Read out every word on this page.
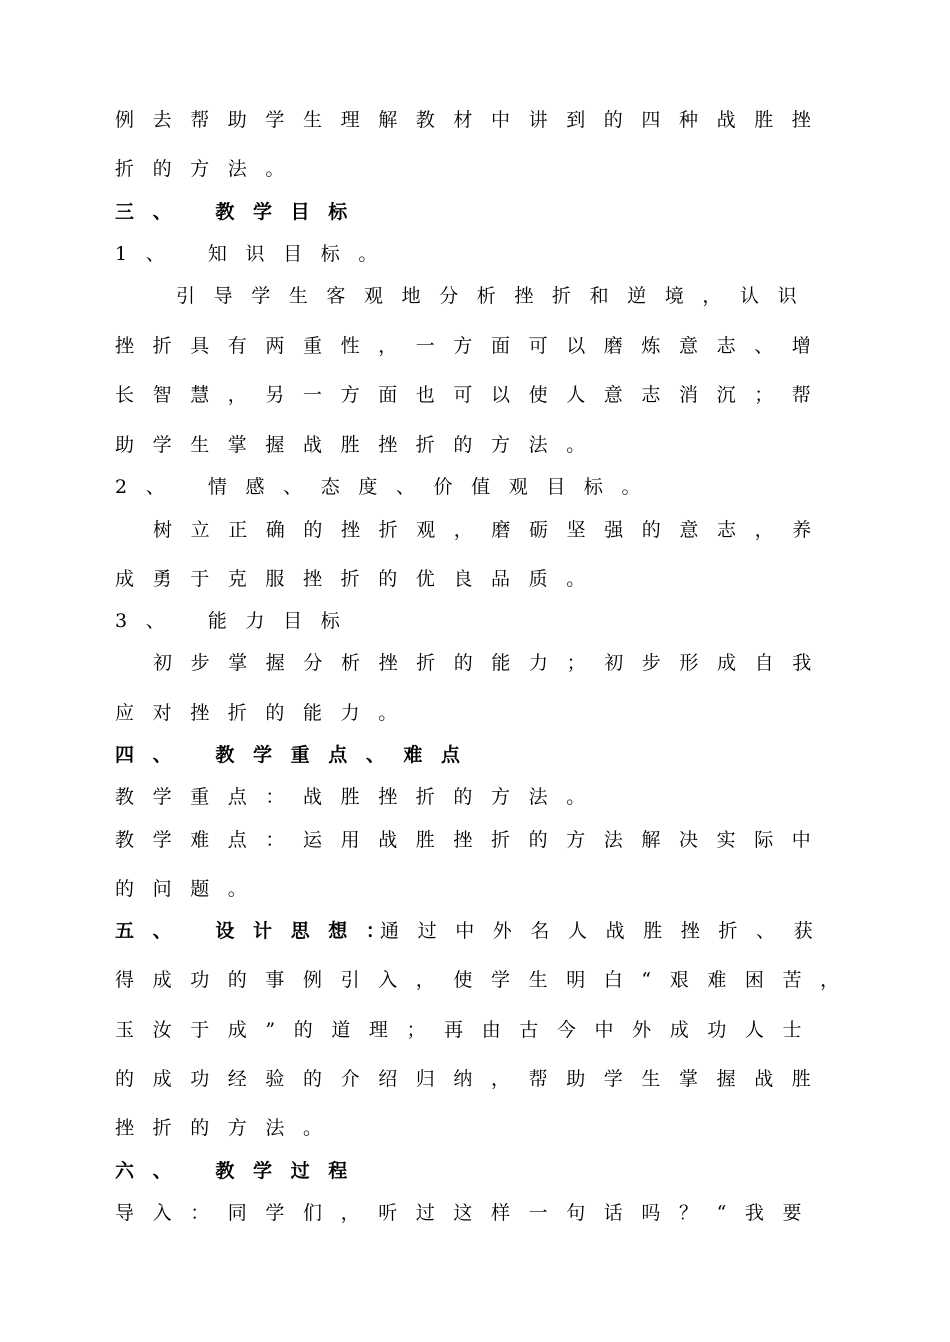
例去帮助学生理解教材中讲到的四种战胜挫
折的方法。
三、 教学目标
1、 知识目标。
引导学生客观地分析挫折和逆境，认识
挫折具有两重性，一方面可以磨炼意志、增
长智慧，另一方面也可以使人意志消沉；帮
助学生掌握战胜挫折的方法。
2、 情感、态度、价值观目标。
树立正确的挫折观，磨砺坚强的意志，养
成勇于克服挫折的优良品质。
3、 能力目标
初步掌握分析挫折的能力；初步形成自我
应对挫折的能力。
四、 教学重点、难点
教学重点：战胜挫折的方法。
教学难点：运用战胜挫折的方法解决实际中
的问题。
五、 设计思想：
通过中外名人战胜挫折、获
得成功的事例引入，使学生明白“艰难困苦，
玉汝于成”的道理；再由古今中外成功人士
的成功经验的介绍归纳，帮助学生掌握战胜
挫折的方法。
六、 教学过程
导入：同学们，听过这样一句话吗？“我要
